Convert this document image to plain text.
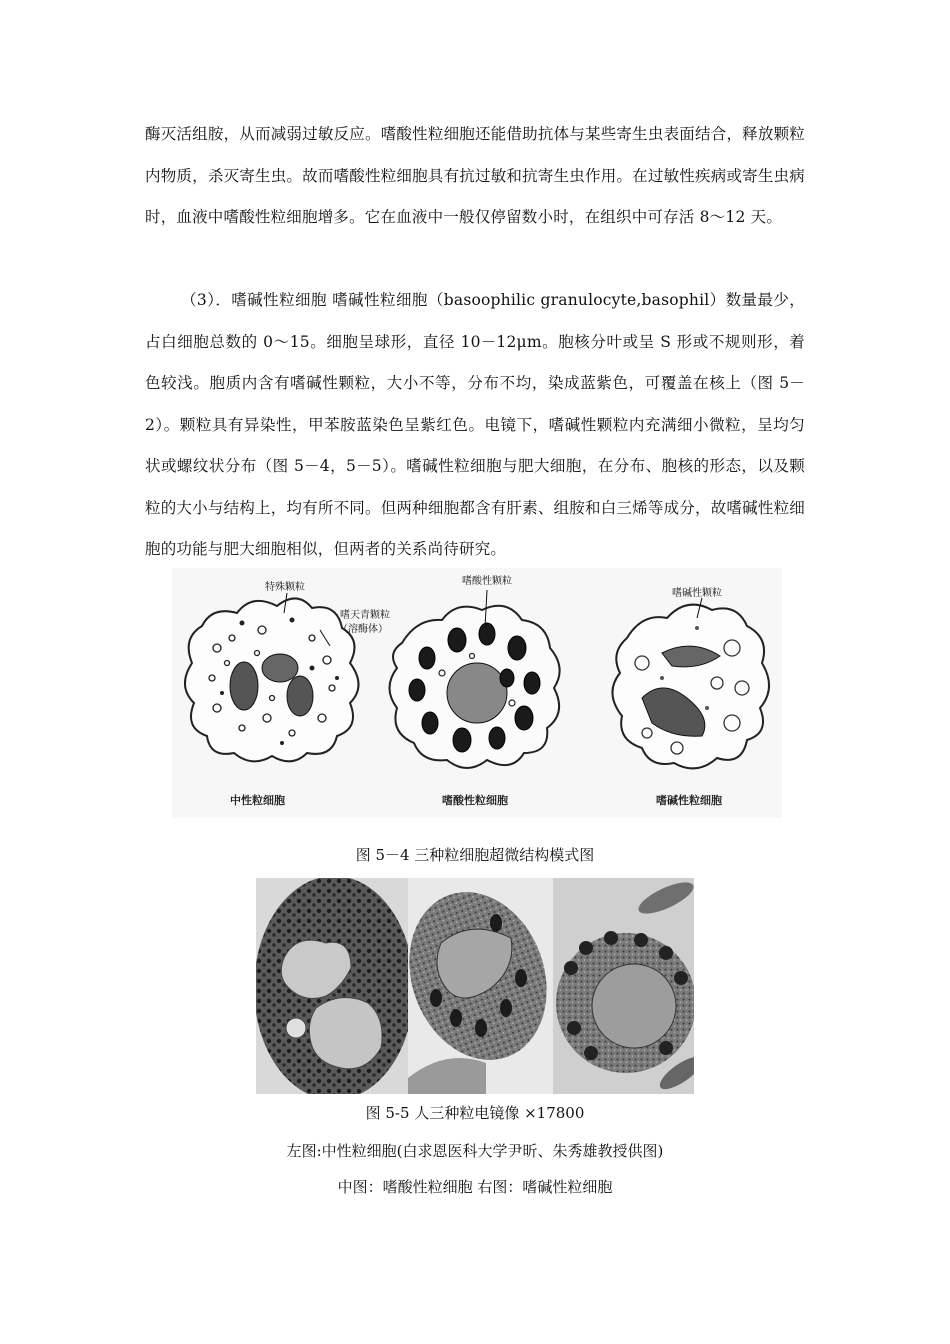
酶灭活组胺，从而减弱过敏反应。嗜酸性粒细胞还能借助抗体与某些寄生虫表面结合，释放颗粒内物质，杀灭寄生虫。故而嗜酸性粒细胞具有抗过敏和抗寄生虫作用。在过敏性疾病或寄生虫病时，血液中嗜酸性粒细胞增多。它在血液中一般仅停留数小时，在组织中可存活 8～12 天。

（3）．嗜碱性粒细胞 嗜碱性粒细胞（basoophilic granulocyte,basophil）数量最少，占白细胞总数的 0～15。细胞呈球形，直径 10－12μm。胞核分叶或呈 S 形或不规则形，着色较浅。胞质内含有嗜碱性颗粒，大小不等，分布不均，染成蓝紫色，可覆盖在核上（图 5－2）。颗粒具有异染性，甲苯胺蓝染色呈紫红色。电镜下，嗜碱性颗粒内充满细小微粒，呈均匀状或螺纹状分布（图 5－4，5－5）。嗜碱性粒细胞与肥大细胞，在分布、胞核的形态，以及颗粒的大小与结构上，均有所不同。但两种细胞都含有肝素、组胺和白三烯等成分，故嗜碱性粒细胞的功能与肥大细胞相似，但两者的关系尚待研究。

特殊颗粒
嗜天青颗粒
（溶酶体）
嗜酸性颗粒
嗜碱性颗粒
中性粒细胞	嗜酸性粒细胞	嗜碱性粒细胞
图 5－4 三种粒细胞超微结构模式图
图 5-5 人三种粒电镜像 ×17800
左图:中性粒细胞(白求恩医科大学尹昕、朱秀雄教授供图)
中图：嗜酸性粒细胞 右图：嗜碱性粒细胞
